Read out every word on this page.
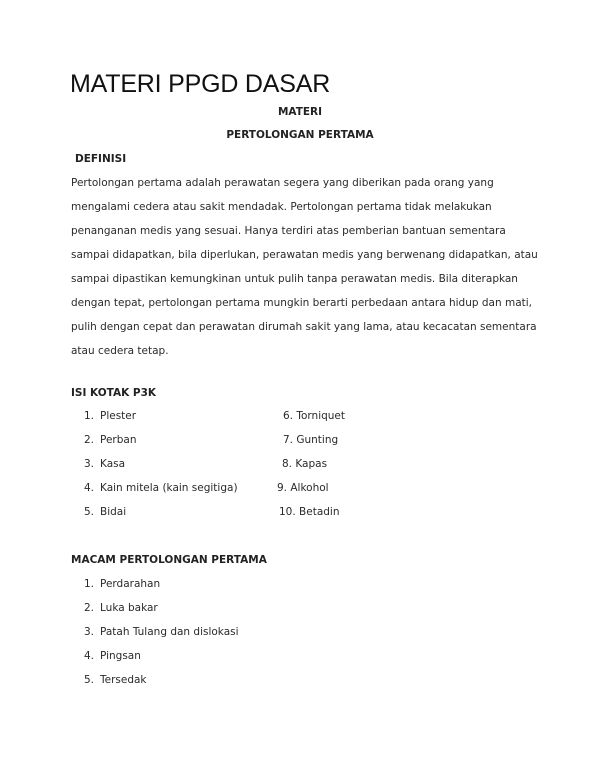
MATERI PPGD DASAR
MATERI
PERTOLONGAN PERTAMA
DEFINISI
Pertolongan pertama adalah perawatan segera yang diberikan pada orang yang
mengalami cedera atau sakit mendadak. Pertolongan pertama tidak melakukan
penanganan medis yang sesuai. Hanya terdiri atas pemberian bantuan sementara
sampai didapatkan, bila diperlukan, perawatan medis yang berwenang didapatkan, atau
sampai dipastikan kemungkinan untuk pulih tanpa perawatan medis. Bila diterapkan
dengan tepat, pertolongan pertama mungkin berarti perbedaan antara hidup dan mati,
pulih dengan cepat dan perawatan dirumah sakit yang lama, atau kecacatan sementara
atau cedera tetap.
ISI KOTAK P3K
1. Plester
2. Perban
3. Kasa
4. Kain mitela (kain segitiga)
5. Bidai
6. Torniquet
7. Gunting
8. Kapas
9. Alkohol
10. Betadin
MACAM PERTOLONGAN PERTAMA
1. Perdarahan
2. Luka bakar
3. Patah Tulang dan dislokasi
4. Pingsan
5. Tersedak
